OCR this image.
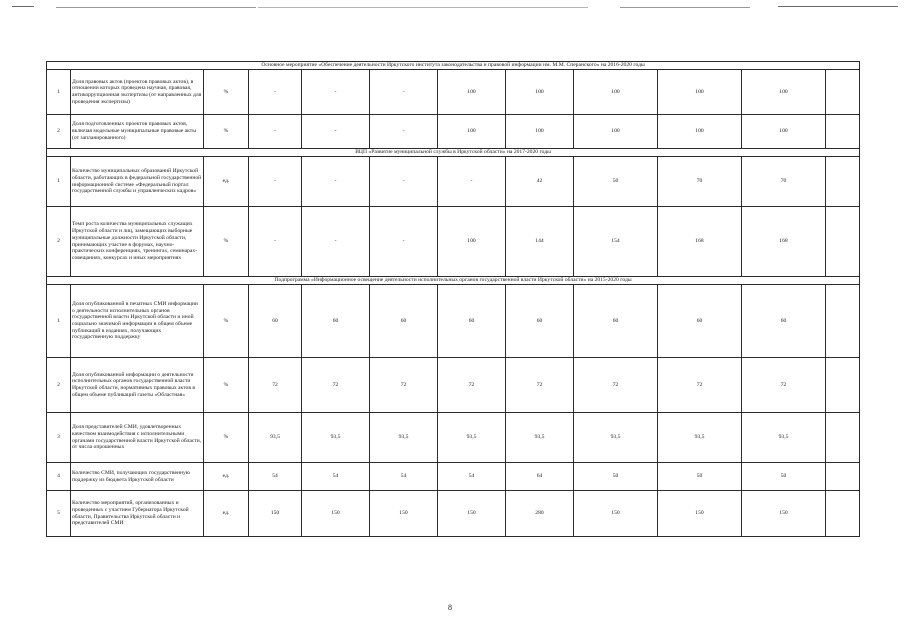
Основное мероприятие «Обеспечение деятельности Иркутского института законодательства и правовой информации им. М.М. Сперанского» на 2016-2020 годы											
1	Доля правовых актов (проектов правовых актов), в отношении которых проведена научная, правовая, антикоррупционная экспертизы (от направленных для проведения экспертизы)	%	-	-	-	100	100	100	100	100	
2	Доля подготовленных проектов правовых актов, включая модельные муниципальные правовые акты (от запланированного)	%	-	-	-	100	100	100	100	100	
ВЦП «Развитие муниципальной службы в Иркутской области» на 2017-2020 годы											
1	Количество муниципальных образований Иркутской области, работающих в федеральной государственной информационной системе «Федеральный портал государственной службы и управленческих кадров»	ед.	-	-	-	-	42	50	70	70	
2	Темп роста количества муниципальных служащих Иркутской области и лиц, замещающих выборные муниципальные должности Иркутской области, принимающих участие в форумах, научно-практических конференциях, тренингах, семинарах-совещаниях, конкурсах и иных мероприятиях	%	-	-	-	100	144	154	168	168	
Подпрограмма «Информационное освещение деятельности исполнительных органов государственной власти Иркутской области» на 2015-2020 годы											
1	Доля опубликованной в печатных СМИ информации о деятельности исполнительных органов государственной власти Иркутской области и иной социально значимой информации в общем объеме публикаций в изданиях, получающих государственную поддержку	%	60	60	60	60	60	60	60	60	
2	Доля опубликованной информации о деятельности исполнительных органов государственной власти Иркутской области, нормативных правовых актов в общем объеме публикаций газеты «Областная»	%	72	72	72	72	72	72	72	72	
3	Доля представителей СМИ, удовлетворенных качеством взаимодействия с исполнительными органами государственной власти Иркутской области, от числа опрошенных	%	93,5	93,5	93,5	93,5	93,5	93,5	93,5	93,5	
4	Количество СМИ, получающих государственную поддержку из бюджета Иркутской области	ед.	54	54	54	54	64	50	50	50	
5	Количество мероприятий, организованных и проведенных с участием Губернатора Иркутской области, Правительства Иркутской области и представителей СМИ	ед.	150	150	150	150	280	150	150	150	
8
